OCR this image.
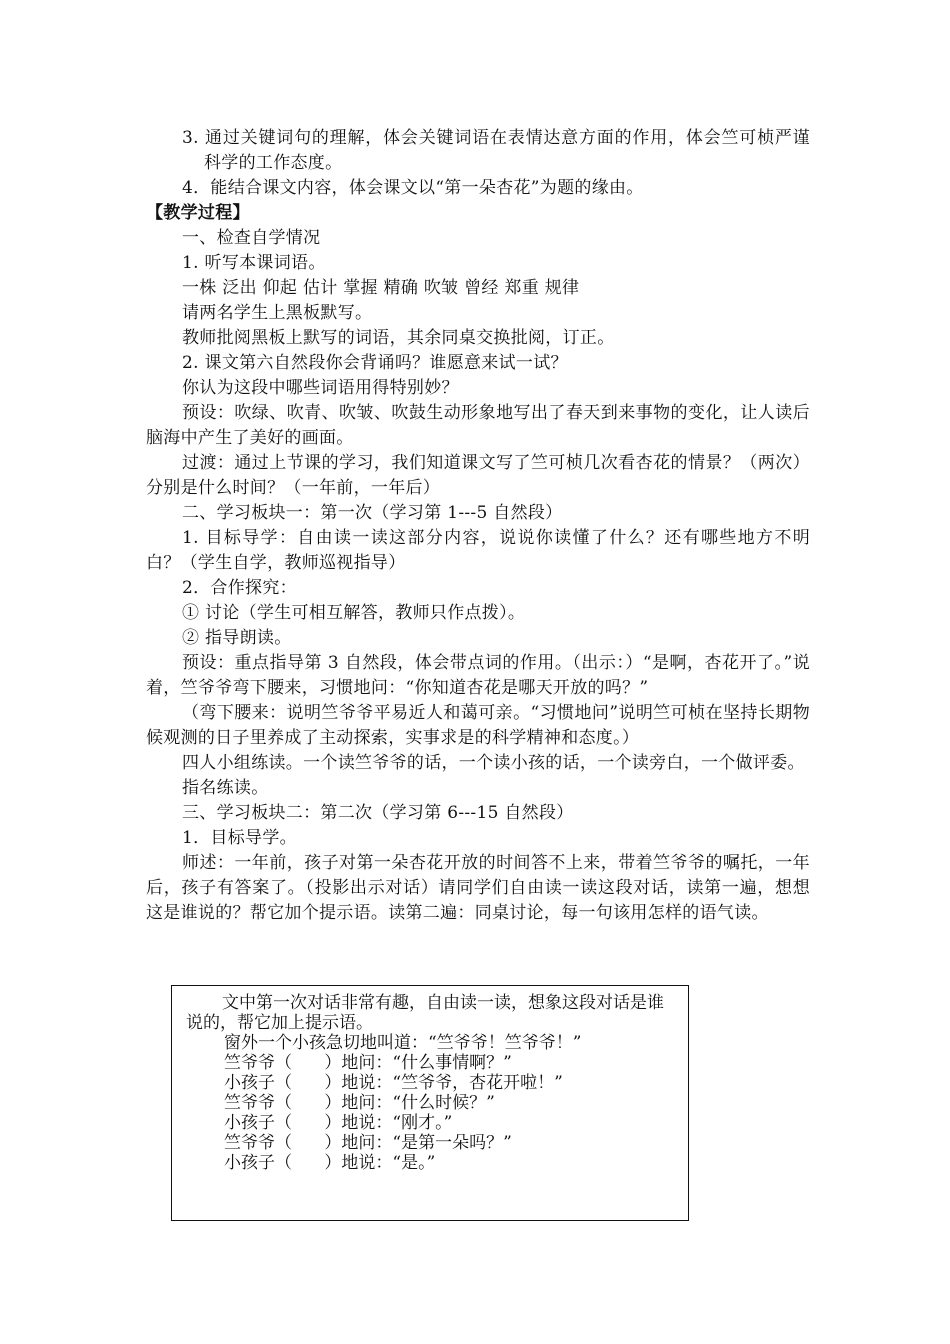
3. 通过关键词句的理解，体会关键词语在表情达意方面的作用，体会竺可桢严谨科学的工作态度。

4．能结合课文内容，体会课文以“第一朵杏花”为题的缘由。

【教学过程】

一、检查自学情况

1. 听写本课词语。

一株 泛出 仰起 估计 掌握 精确 吹皱 曾经 郑重 规律

请两名学生上黑板默写。

教师批阅黑板上默写的词语，其余同桌交换批阅，订正。

2. 课文第六自然段你会背诵吗？谁愿意来试一试？

你认为这段中哪些词语用得特别妙？

预设：吹绿、吹青、吹皱、吹鼓生动形象地写出了春天到来事物的变化，让人读后脑海中产生了美好的画面。

过渡：通过上节课的学习，我们知道课文写了竺可桢几次看杏花的情景？（两次）分别是什么时间？（一年前，一年后）

二、学习板块一：第一次（学习第 1---5 自然段）

1. 目标导学：自由读一读这部分内容，说说你读懂了什么？还有哪些地方不明白？（学生自学，教师巡视指导）

2．合作探究：

① 讨论（学生可相互解答，教师只作点拨）。

② 指导朗读。

预设：重点指导第 3 自然段，体会带点词的作用。（出示：）“是啊，杏花开了。”说着，竺爷爷弯下腰来，习惯地问：“你知道杏花是哪天开放的吗？”

（弯下腰来：说明竺爷爷平易近人和蔼可亲。“习惯地问”说明竺可桢在坚持长期物候观测的日子里养成了主动探索，实事求是的科学精神和态度。）

四人小组练读。一个读竺爷爷的话，一个读小孩的话，一个读旁白，一个做评委。

指名练读。

三、学习板块二：第二次（学习第 6---15 自然段）

1．目标导学。

师述：一年前，孩子对第一朵杏花开放的时间答不上来，带着竺爷爷的嘱托，一年后，孩子有答案了。（投影出示对话）请同学们自由读一读这段对话，读第一遍，想想这是谁说的？帮它加个提示语。读第二遍：同桌讨论，每一句该用怎样的语气读。

文中第一次对话非常有趣，自由读一读，想象这段对话是谁说的，帮它加上提示语。

窗外一个小孩急切地叫道：“竺爷爷！竺爷爷！”

竺爷爷（      ）地问：“什么事情啊？”

小孩子（      ）地说：“竺爷爷，杏花开啦！”

竺爷爷（      ）地问：“什么时候？”

小孩子（      ）地说：“刚才。”

竺爷爷（      ）地问：“是第一朵吗？”

小孩子（      ）地说：“是。”
